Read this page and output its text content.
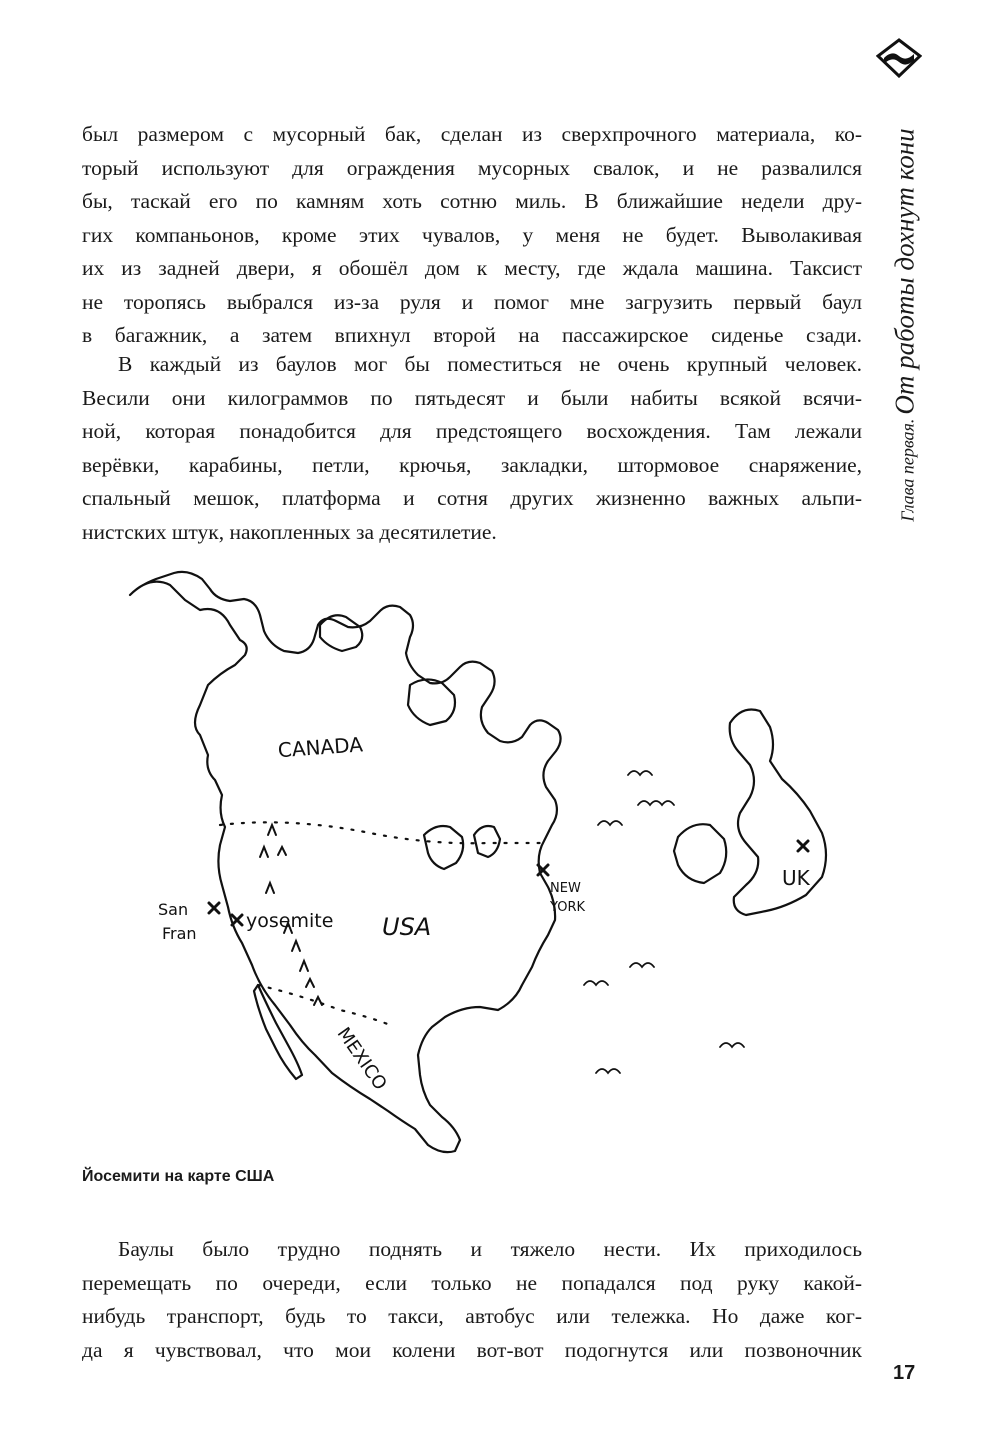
Глава первая. От работы дохнут кони

был размером с мусорный бак, сделан из сверхпрочного материала, ко-
торый используют для ограждения мусорных свалок, и не развалился
бы, таскай его по камням хоть сотню миль. В ближайшие недели дру-
гих компаньонов, кроме этих чувалов, у меня не будет. Выволакивая
их из задней двери, я обошёл дом к месту, где ждала машина. Таксист
не торопясь выбрался из-за руля и помог мне загрузить первый баул
в багажник, а затем впихнул второй на пассажирское сиденье сзади.

В каждый из баулов мог бы поместиться не очень крупный человек.
Весили они килограммов по пятьдесят и были набиты всякой всячи-
ной, которая понадобится для предстоящего восхождения. Там лежали
верёвки, карабины, петли, крючья, закладки, штормовое снаряжение,
спальный мешок, платформа и сотня других жизненно важных альпи-
нистских штук, накопленных за десятилетие.

CANADA
USA
MEXICO
yosemite
San
Fran
NEW
YORK
UK
Йосемити на карте США

Баулы было трудно поднять и тяжело нести. Их приходилось
перемещать по очереди, если только не попадался под руку какой-
нибудь транспорт, будь то такси, автобус или тележка. Но даже ког-
да я чувствовал, что мои колени вот-вот подогнутся или позвоночник

17
